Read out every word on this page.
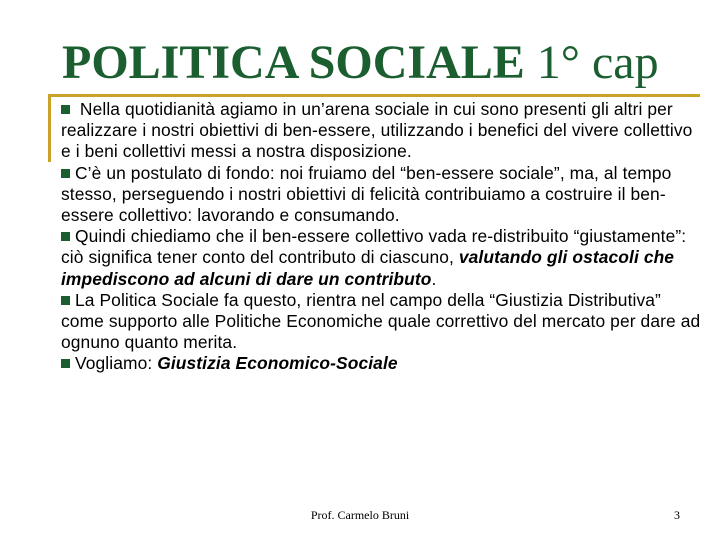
POLITICA SOCIALE 1° cap

Nella quotidianità agiamo in un’arena sociale in cui sono presenti gli altri per realizzare i nostri obiettivi di ben-essere, utilizzando i benefici del vivere collettivo e i beni collettivi messi a nostra disposizione.

C’è un postulato di fondo: noi fruiamo del “ben-essere sociale”, ma, al tempo stesso, perseguendo i nostri obiettivi di felicità contribuiamo a costruire il ben-essere collettivo: lavorando e consumando.

Quindi chiediamo che il ben-essere collettivo vada re-distribuito “giustamente”: ciò significa tener conto del contributo di ciascuno, valutando gli ostacoli che impediscono ad alcuni di dare un contributo.

La Politica Sociale fa questo, rientra nel campo della “Giustizia Distributiva” come supporto alle Politiche Economiche quale correttivo del mercato per dare ad ognuno quanto merita.

Vogliamo: Giustizia Economico-Sociale

Prof. Carmelo Bruni	3
